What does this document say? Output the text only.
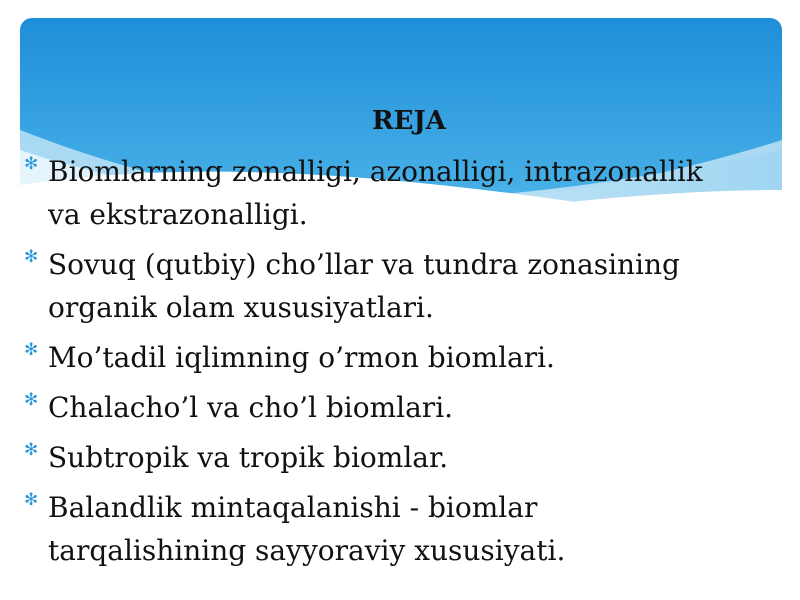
REJA
✻ Biomlarning zonalligi, azonalligi, intrazonallik
va ekstrazonalligi.
✻ Sovuq (qutbiy) cho’llar va tundra zonasining
organik olam xususiyatlari.
✻ Mo’tadil iqlimning o’rmon biomlari.
✻ Chalacho’l va cho’l biomlari.
✻ Subtropik va tropik biomlar.
✻ Balandlik mintaqalanishi - biomlar
tarqalishining sayyoraviy xususiyati.
